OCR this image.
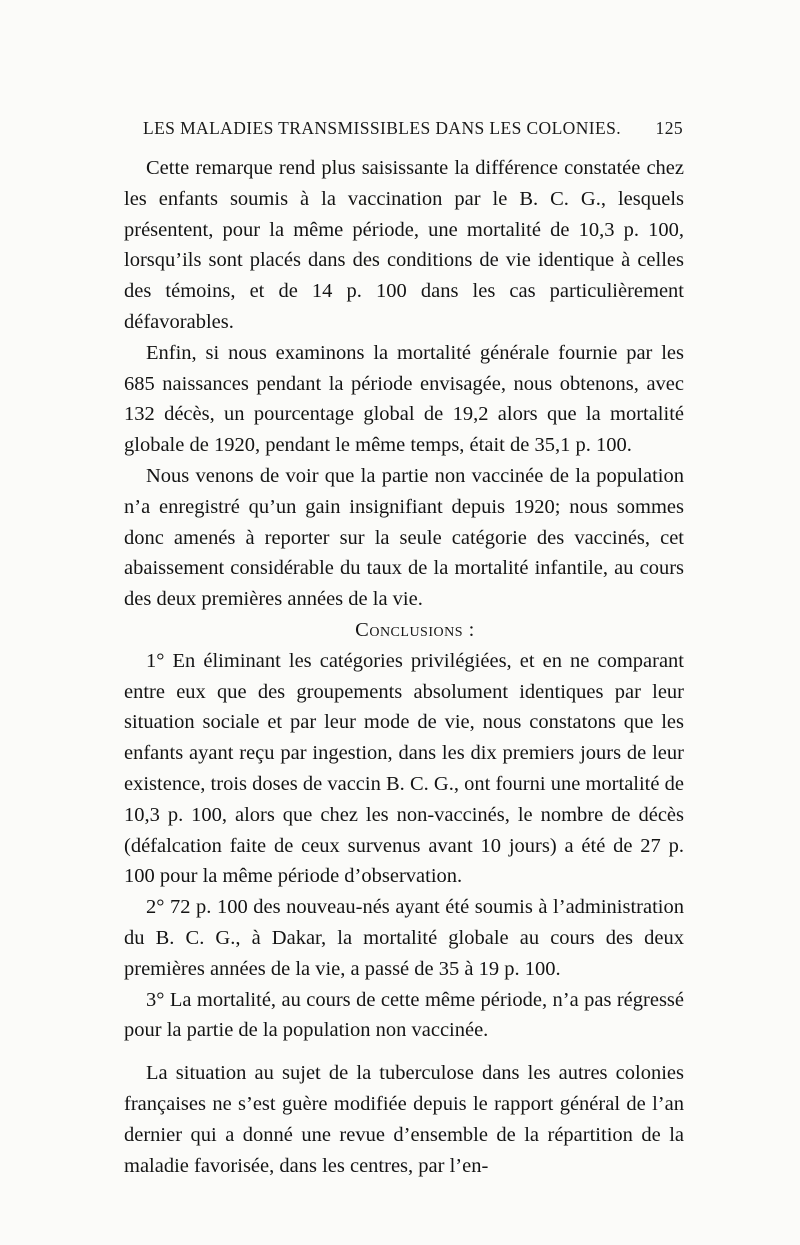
LES MALADIES TRANSMISSIBLES DANS LES COLONIES. 125

Cette remarque rend plus saisissante la différence constatée chez les enfants soumis à la vaccination par le B. C. G., lesquels présentent, pour la même période, une mortalité de 10,3 p. 100, lorsqu’ils sont placés dans des conditions de vie identique à celles des témoins, et de 14 p. 100 dans les cas particulièrement défavorables.

Enfin, si nous examinons la mortalité générale fournie par les 685 naissances pendant la période envisagée, nous obtenons, avec 132 décès, un pourcentage global de 19,2 alors que la mortalité globale de 1920, pendant le même temps, était de 35,1 p. 100.

Nous venons de voir que la partie non vaccinée de la population n’a enregistré qu’un gain insignifiant depuis 1920; nous sommes donc amenés à reporter sur la seule catégorie des vaccinés, cet abaissement considérable du taux de la mortalité infantile, au cours des deux premières années de la vie.

Conclusions :

1° En éliminant les catégories privilégiées, et en ne comparant entre eux que des groupements absolument identiques par leur situation sociale et par leur mode de vie, nous constatons que les enfants ayant reçu par ingestion, dans les dix premiers jours de leur existence, trois doses de vaccin B. C. G., ont fourni une mortalité de 10,3 p. 100, alors que chez les non-vaccinés, le nombre de décès (défalcation faite de ceux survenus avant 10 jours) a été de 27 p. 100 pour la même période d’observation.

2° 72 p. 100 des nouveau-nés ayant été soumis à l’administration du B. C. G., à Dakar, la mortalité globale au cours des deux premières années de la vie, a passé de 35 à 19 p. 100.

3° La mortalité, au cours de cette même période, n’a pas régressé pour la partie de la population non vaccinée.

La situation au sujet de la tuberculose dans les autres colonies françaises ne s’est guère modifiée depuis le rapport général de l’an dernier qui a donné une revue d’ensemble de la répartition de la maladie favorisée, dans les centres, par l’en-
